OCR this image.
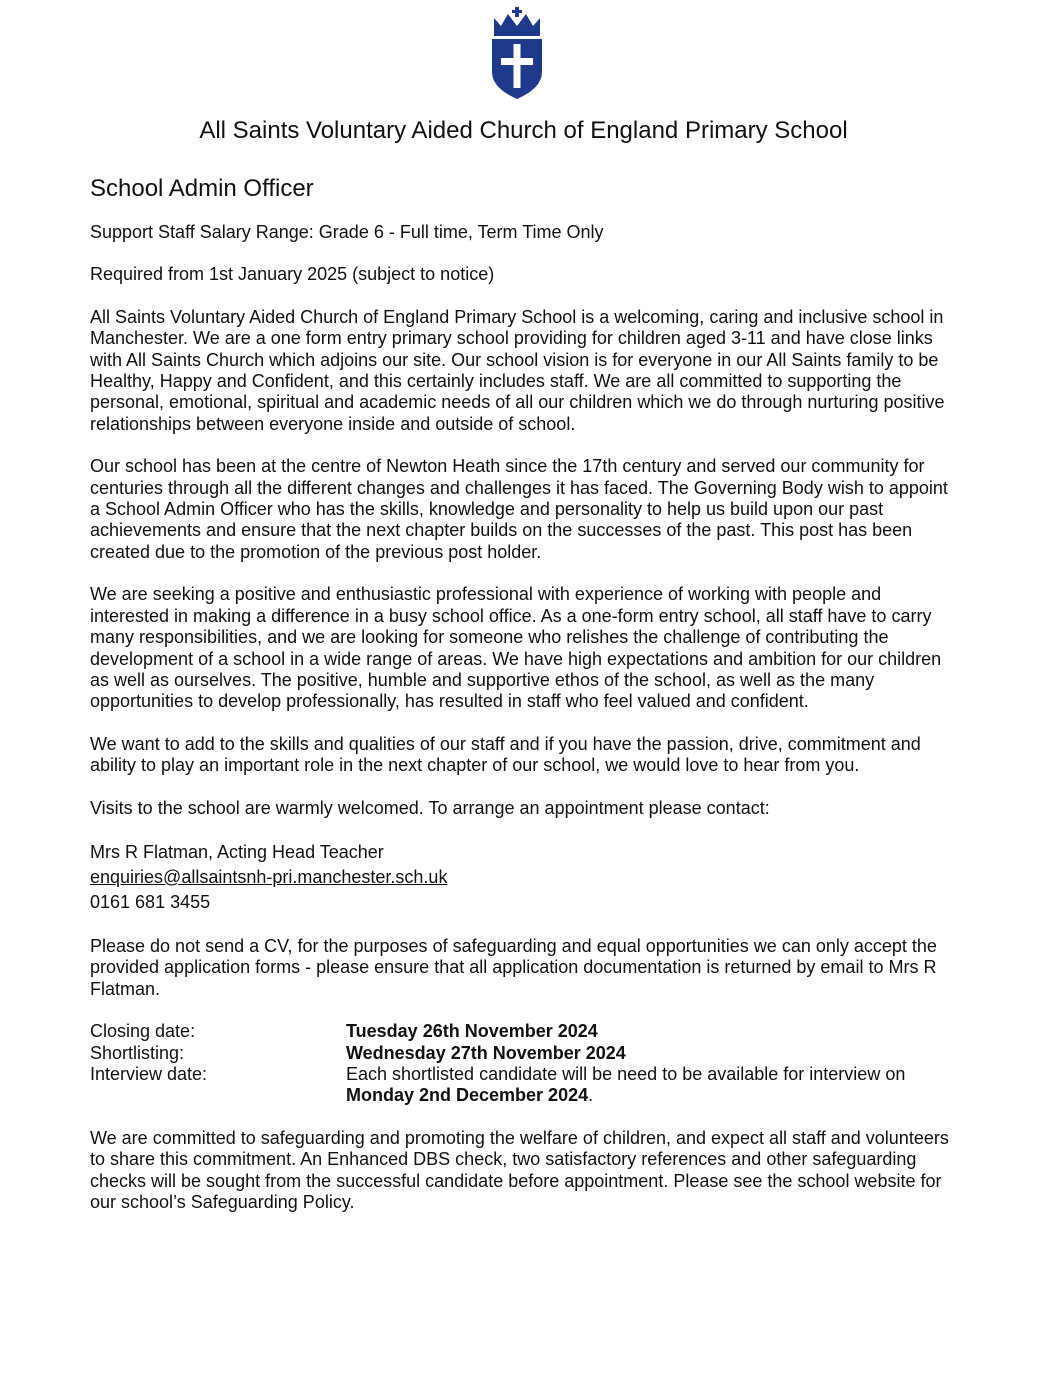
All Saints Voluntary Aided Church of England Primary School
School Admin Officer

Support Staff Salary Range: Grade 6 - Full time, Term Time Only

Required from 1st January 2025 (subject to notice)

All Saints Voluntary Aided Church of England Primary School is a welcoming, caring and inclusive school in Manchester. We are a one form entry primary school providing for children aged 3-11 and have close links with All Saints Church which adjoins our site. Our school vision is for everyone in our All Saints family to be Healthy, Happy and Confident, and this certainly includes staff. We are all committed to supporting the personal, emotional, spiritual and academic needs of all our children which we do through nurturing positive relationships between everyone inside and outside of school.

Our school has been at the centre of Newton Heath since the 17th century and served our community for centuries through all the different changes and challenges it has faced. The Governing Body wish to appoint a School Admin Officer who has the skills, knowledge and personality to help us build upon our past achievements and ensure that the next chapter builds on the successes of the past. This post has been created due to the promotion of the previous post holder.

We are seeking a positive and enthusiastic professional with experience of working with people and interested in making a difference in a busy school office. As a one-form entry school, all staff have to carry many responsibilities, and we are looking for someone who relishes the challenge of contributing the development of a school in a wide range of areas. We have high expectations and ambition for our children as well as ourselves. The positive, humble and supportive ethos of the school, as well as the many opportunities to develop professionally, has resulted in staff who feel valued and confident.

We want to add to the skills and qualities of our staff and if you have the passion, drive, commitment and ability to play an important role in the next chapter of our school, we would love to hear from you.

Visits to the school are warmly welcomed. To arrange an appointment please contact:

Mrs R Flatman, Acting Head Teacher
enquiries@allsaintsnh-pri.manchester.sch.uk
0161 681 3455

Please do not send a CV, for the purposes of safeguarding and equal opportunities we can only accept the provided application forms - please ensure that all application documentation is returned by email to Mrs R Flatman.

Closing date:	Tuesday 26th November 2024
Shortlisting:	Wednesday 27th November 2024
Interview date:	Each shortlisted candidate will be need to be available for interview on Monday 2nd December 2024.

We are committed to safeguarding and promoting the welfare of children, and expect all staff and volunteers to share this commitment. An Enhanced DBS check, two satisfactory references and other safeguarding checks will be sought from the successful candidate before appointment. Please see the school website for our school’s Safeguarding Policy.
